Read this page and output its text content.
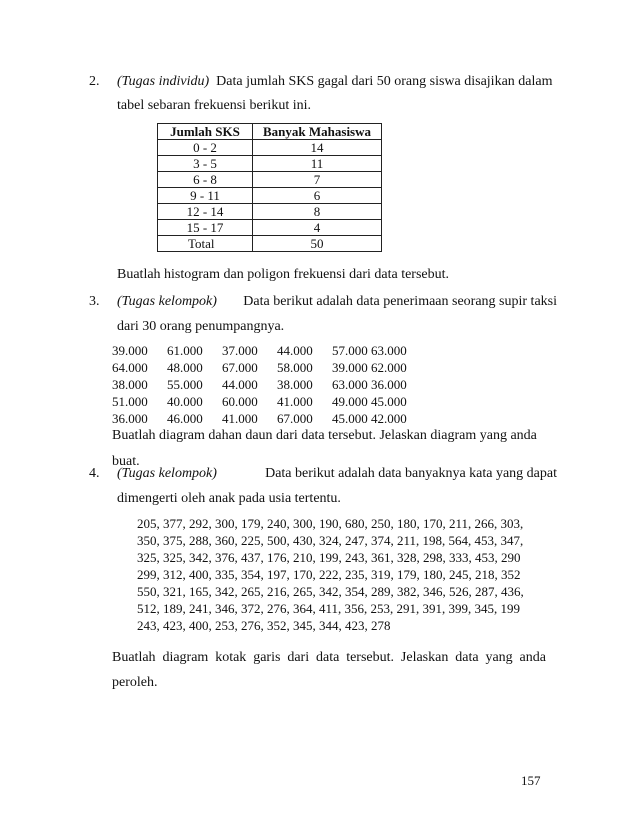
2. (Tugas individu) Data jumlah SKS gagal dari 50 orang siswa disajikan dalam
tabel sebaran frekuensi berikut ini.
Jumlah SKS	Banyak Mahasiswa
0 - 2	14
3 - 5	11
6 - 8	7
9 - 11	6
12 - 14	8
15 - 17	4
Total	50
Buatlah histogram dan poligon frekuensi dari data tersebut.
3. (Tugas kelompok) Data berikut adalah data penerimaan seorang supir taksi
dari 30 orang penumpangnya.
39.000	61.000	37.000	44.000	57.000 63.000
64.000	48.000	67.000	58.000	39.000 62.000
38.000	55.000	44.000	38.000	63.000 36.000
51.000	40.000	60.000	41.000	49.000 45.000
36.000	46.000	41.000	67.000	45.000 42.000
Buatlah diagram dahan daun dari data tersebut. Jelaskan diagram yang anda
buat.
4. (Tugas kelompok)	Data berikut adalah data banyaknya kata yang dapat
dimengerti oleh anak pada usia tertentu.
205, 377, 292, 300, 179, 240, 300, 190, 680, 250, 180, 170, 211, 266, 303,
350, 375, 288, 360, 225, 500, 430, 324, 247, 374, 211, 198, 564, 453, 347,
325, 325, 342, 376, 437, 176, 210, 199, 243, 361, 328, 298, 333, 453, 290
299, 312, 400, 335, 354, 197, 170, 222, 235, 319, 179, 180, 245, 218, 352
550, 321, 165, 342, 265, 216, 265, 342, 354, 289, 382, 346, 526, 287, 436,
512, 189, 241, 346, 372, 276, 364, 411, 356, 253, 291, 391, 399, 345, 199
243, 423, 400, 253, 276, 352, 345, 344, 423, 278
Buatlah diagram kotak garis dari data tersebut. Jelaskan data yang anda
peroleh.
157
